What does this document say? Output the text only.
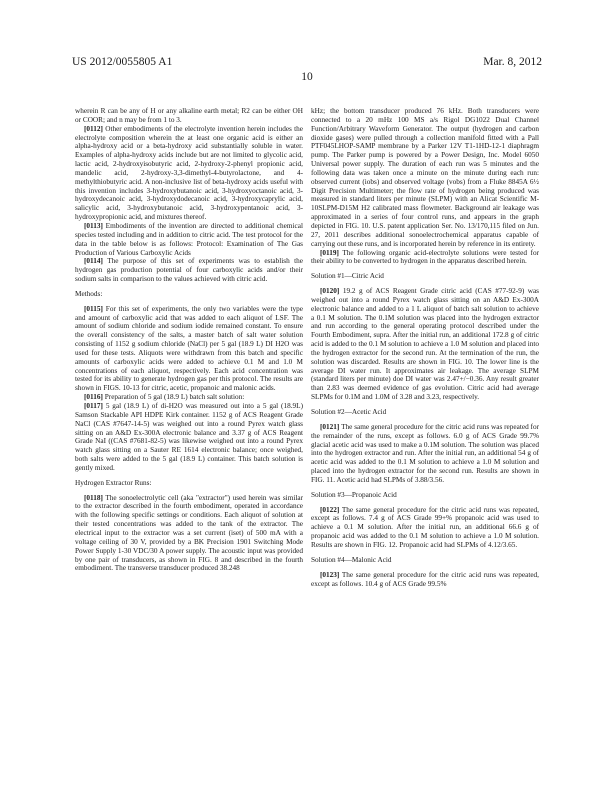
US 2012/0055805 A1	Mar. 8, 2012
10

wherein R can be any of H or any alkaline earth metal; R2 can be either OH or COOR; and n may be from 1 to 3.

[0112] Other embodiments of the electrolyte invention herein includes the electrolyte composition wherein the at least one organic acid is either an alpha-hydroxy acid or a beta-hydroxy acid substantially soluble in water. Examples of alpha-hydroxy acids include but are not limited to glycolic acid, lactic acid, 2-hydroxyisobutyric acid, 2-hydroxy-2-phenyl propionic acid, mandelic acid, 2-hydroxy-3,3-dimethyl-4-butyrolactone, and 4-methylthiobutyric acid. A non-inclusive list of beta-hydroxy acids useful with this invention includes 3-hydroxybutanoic acid, 3-hydroxyoctanoic acid, 3-hydroxydecanoic acid, 3-hydroxydodecanoic acid, 3-hydroxycaprylic acid, salicylic acid, 3-hydroxybutanoic acid, 3-hydroxypentanoic acid, 3-hydroxypropionic acid, and mixtures thereof.

[0113] Embodiments of the invention are directed to additional chemical species tested including and in addition to citric acid. The test protocol for the data in the table below is as follows: Protocol: Examination of The Gas Production of Various Carboxylic Acids

[0114] The purpose of this set of experiments was to establish the hydrogen gas production potential of four carboxylic acids and/or their sodium salts in comparison to the values achieved with citric acid.

Methods:

[0115] For this set of experiments, the only two variables were the type and amount of carboxylic acid that was added to each aliquot of LSF. The amount of sodium chloride and sodium iodide remained constant. To ensure the overall consistency of the salts, a master batch of salt water solution consisting of 1152 g sodium chloride (NaCl) per 5 gal (18.9 L) DI H2O was used for these tests. Aliquots were withdrawn from this batch and specific amounts of carboxylic acids were added to achieve 0.1 M and 1.0 M concentrations of each aliquot, respectively. Each acid concentration was tested for its ability to generate hydrogen gas per this protocol. The results are shown in FIGS. 10-13 for citric, acetic, propanoic and malonic acids.

[0116] Preparation of 5 gal (18.9 L) batch salt solution:

[0117] 5 gal (18.9 L) of di-H2O was measured out into a 5 gal (18.9L) Samson Stackable API HDPE Kirk container. 1152 g of ACS Reagent Grade NaCl (CAS #7647-14-5) was weighed out into a round Pyrex watch glass sitting on an A&D Ex-300A electronic balance and 3.37 g of ACS Reagent Grade NaI ((CAS #7681-82-5) was likewise weighed out into a round Pyrex watch glass sitting on a Sauter RE 1614 electronic balance; once weighed, both salts were added to the 5 gal (18.9 L) container. This batch solution is gently mixed.

Hydrogen Extractor Runs:

[0118] The sonoelectrolytic cell (aka "extractor") used herein was similar to the extractor described in the fourth embodiment, operated in accordance with the following specific settings or conditions. Each aliquot of solution at their tested concentrations was added to the tank of the extractor. The electrical input to the extractor was a set current (iset) of 500 mA with a voltage ceiling of 30 V, provided by a BK Precision 1901 Switching Mode Power Supply 1-30 VDC/30 A power supply. The acoustic input was provided by one pair of transducers, as shown in FIG. 8 and described in the fourth embodiment. The transverse transducer produced 38.248

kHz; the bottom transducer produced 76 kHz. Both transducers were connected to a 20 mHz 100 MS a/s Rigol DG1022 Dual Channel Function/Arbitrary Waveform Generator. The output (hydrogen and carbon dioxide gases) were pulled through a collection manifold fitted with a Pall PTF045LHOP-SAMP membrane by a Parker 12V T1-1HD-12-1 diaphragm pump. The Parker pump is powered by a Power Design, Inc. Model 6050 Universal power supply. The duration of each run was 5 minutes and the following data was taken once a minute on the minute during each run: observed current (iobs) and observed voltage (vobs) from a Fluke 8845A 6½ Digit Precision Multimeter; the flow rate of hydrogen being produced was measured in standard liters per minute (SLPM) with an Alicat Scientific M-10SLPM-D15M H2 calibrated mass flowmeter. Background air leakage was approximated in a series of four control runs, and appears in the graph depicted in FIG. 10. U.S. patent application Ser. No. 13/170,115 filed on Jun. 27, 2011 describes additional sonoelectrochemical apparatus capable of carrying out these runs, and is incorporated herein by reference in its entirety.

[0119] The following organic acid-electrolyte solutions were tested for their ability to be converted to hydrogen in the apparatus described herein.

Solution #1—Citric Acid

[0120] 19.2 g of ACS Reagent Grade citric acid (CAS #77-92-9) was weighed out into a round Pyrex watch glass sitting on an A&D Ex-300A electronic balance and added to a 1 L aliquot of batch salt solution to achieve a 0.1 M solution. The 0.1M solution was placed into the hydrogen extractor and run according to the general operating protocol described under the Fourth Embodiment, supra. After the initial run, an additional 172.8 g of citric acid is added to the 0.1 M solution to achieve a 1.0 M solution and placed into the hydrogen extractor for the second run. At the termination of the run, the solution was discarded. Results are shown in FIG. 10. The lower line is the average DI water run. It approximates air leakage. The average SLPM (standard liters per minute) doe DI water was 2.47+/−0.36. Any result greater than 2.83 was deemed evidence of gas evolution. Citric acid had average SLPMs for 0.1M and 1.0M of 3.28 and 3.23, respectively.

Solution #2—Acetic Acid

[0121] The same general procedure for the citric acid runs was repeated for the remainder of the runs, except as follows. 6.0 g of ACS Grade 99.7% glacial acetic acid was used to make a 0.1M solution. The solution was placed into the hydrogen extractor and run. After the initial run, an additional 54 g of acetic acid was added to the 0.1 M solution to achieve a 1.0 M solution and placed into the hydrogen extractor for the second run. Results are shown in FIG. 11. Acetic acid had SLPMs of 3.88/3.56.

Solution #3—Propanoic Acid

[0122] The same general procedure for the citric acid runs was repeated, except as follows. 7.4 g of ACS Grade 99+% propanoic acid was used to achieve a 0.1 M solution. After the initial run, an additional 66.6 g of propanoic acid was added to the 0.1 M solution to achieve a 1.0 M solution. Results are shown in FIG. 12. Propanoic acid had SLPMs of 4.12/3.65.

Solution #4—Malonic Acid

[0123] The same general procedure for the citric acid runs was repeated, except as follows. 10.4 g of ACS Grade 99.5%
